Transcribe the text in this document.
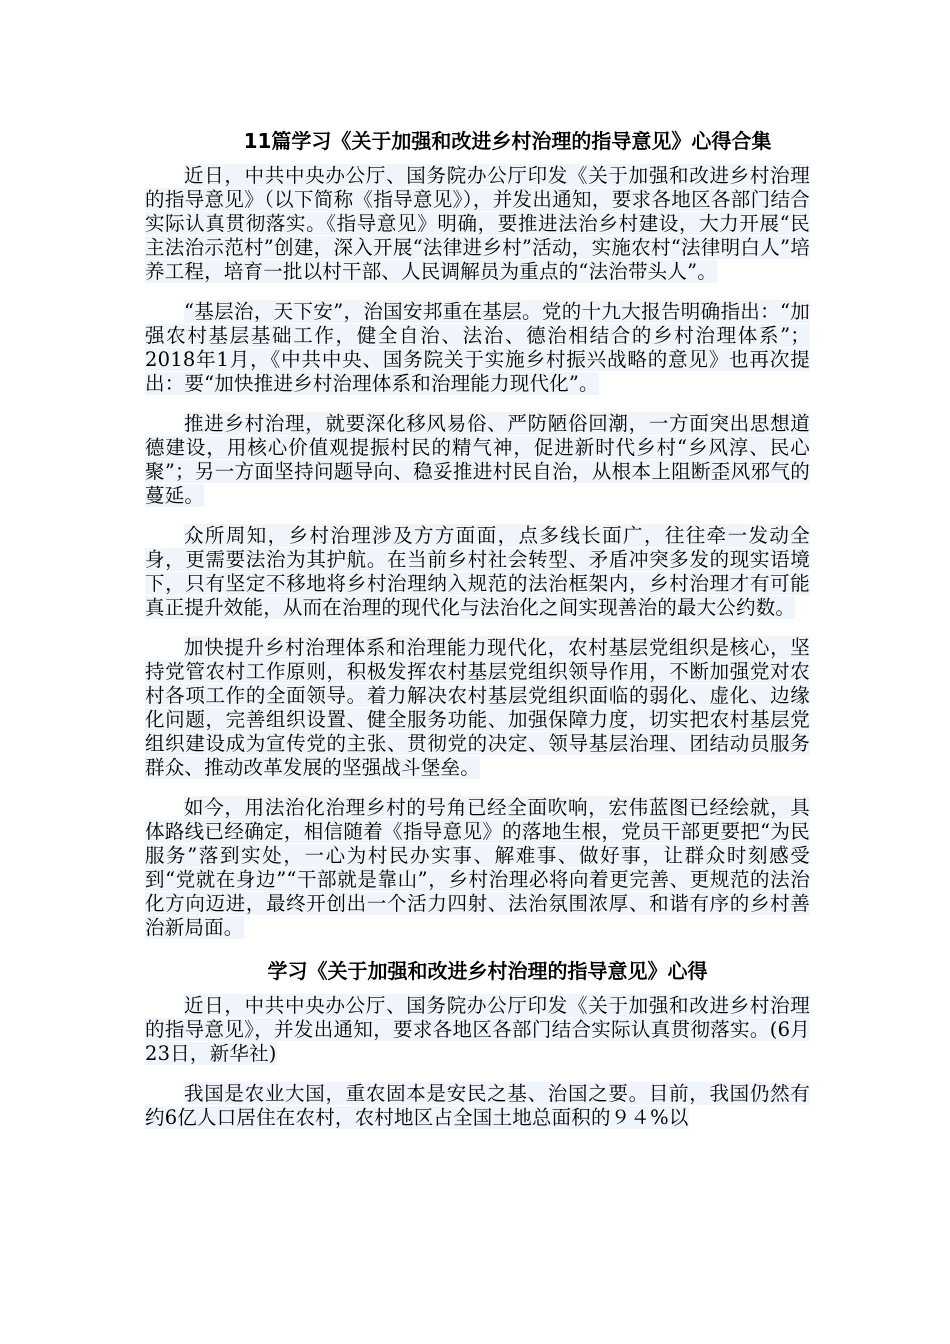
11篇学习《关于加强和改进乡村治理的指导意见》心得合集

近日，中共中央办公厅、国务院办公厅印发《关于加强和改进乡村治理的指导意见》（以下简称《指导意见》），并发出通知，要求各地区各部门结合实际认真贯彻落实。《指导意见》明确，要推进法治乡村建设，大力开展“民主法治示范村”创建，深入开展“法律进乡村”活动，实施农村“法律明白人”培养工程，培育一批以村干部、人民调解员为重点的“法治带头人”。

“基层治，天下安”，治国安邦重在基层。党的十九大报告明确指出：“加强农村基层基础工作，健全自治、法治、德治相结合的乡村治理体系”；2018年1月，《中共中央、国务院关于实施乡村振兴战略的意见》也再次提出：要“加快推进乡村治理体系和治理能力现代化”。

推进乡村治理，就要深化移风易俗、严防陋俗回潮，一方面突出思想道德建设，用核心价值观提振村民的精气神，促进新时代乡村“乡风淳、民心聚”；另一方面坚持问题导向、稳妥推进村民自治，从根本上阻断歪风邪气的蔓延。

众所周知，乡村治理涉及方方面面，点多线长面广，往往牵一发动全身，更需要法治为其护航。在当前乡村社会转型、矛盾冲突多发的现实语境下，只有坚定不移地将乡村治理纳入规范的法治框架内，乡村治理才有可能真正提升效能，从而在治理的现代化与法治化之间实现善治的最大公约数。

加快提升乡村治理体系和治理能力现代化，农村基层党组织是核心，坚持党管农村工作原则，积极发挥农村基层党组织领导作用，不断加强党对农村各项工作的全面领导。着力解决农村基层党组织面临的弱化、虚化、边缘化问题，完善组织设置、健全服务功能、加强保障力度，切实把农村基层党组织建设成为宣传党的主张、贯彻党的决定、领导基层治理、团结动员服务群众、推动改革发展的坚强战斗堡垒。

如今，用法治化治理乡村的号角已经全面吹响，宏伟蓝图已经绘就，具体路线已经确定，相信随着《指导意见》的落地生根，党员干部更要把“为民服务”落到实处，一心为村民办实事、解难事、做好事，让群众时刻感受到“党就在身边”“干部就是靠山”，乡村治理必将向着更完善、更规范的法治化方向迈进，最终开创出一个活力四射、法治氛围浓厚、和谐有序的乡村善治新局面。

学习《关于加强和改进乡村治理的指导意见》心得

近日，中共中央办公厅、国务院办公厅印发《关于加强和改进乡村治理的指导意见》，并发出通知，要求各地区各部门结合实际认真贯彻落实。(6月23日，新华社)

我国是农业大国，重农固本是安民之基、治国之要。目前，我国仍然有约6亿人口居住在农村，农村地区占全国土地总面积的９４%以
